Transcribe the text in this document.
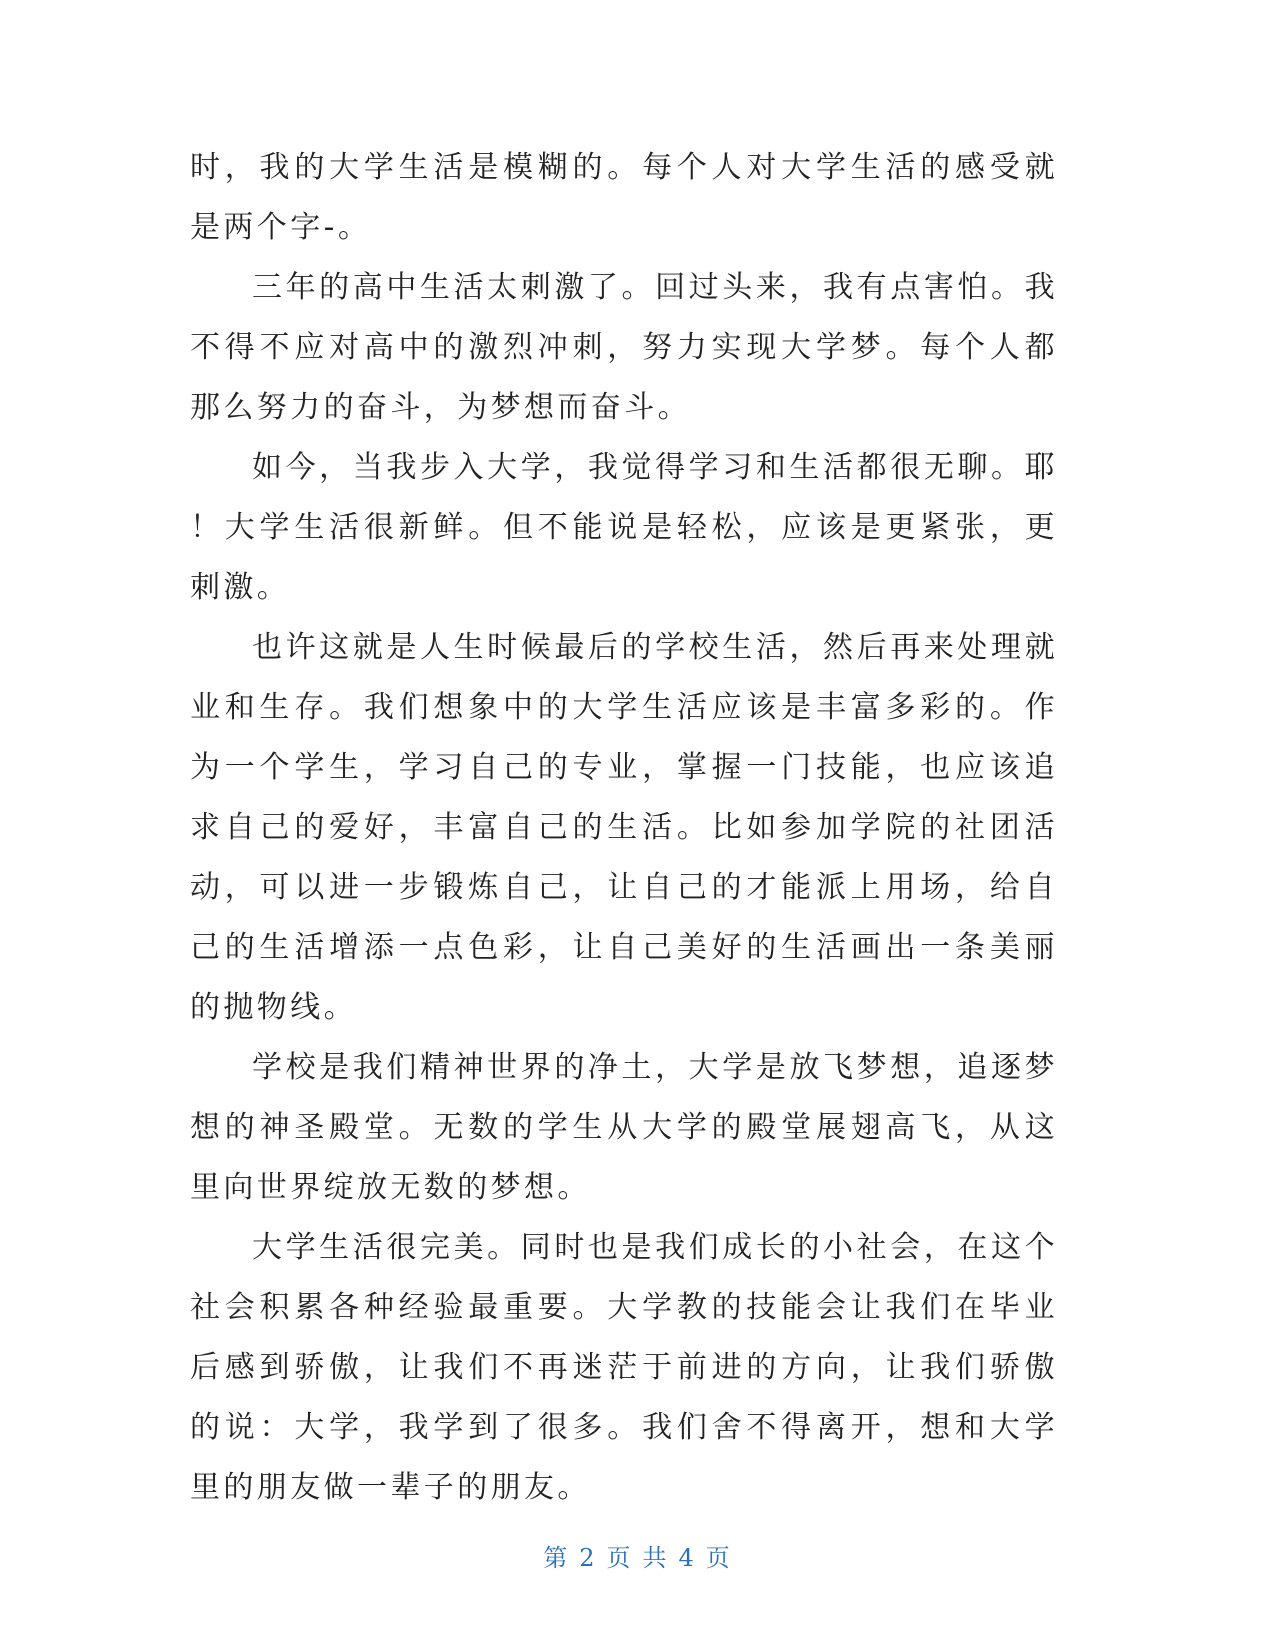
时，我的大学生活是模糊的。每个人对大学生活的感受就是两个字-。

三年的高中生活太刺激了。回过头来，我有点害怕。我不得不应对高中的激烈冲刺，努力实现大学梦。每个人都那么努力的奋斗，为梦想而奋斗。

如今，当我步入大学，我觉得学习和生活都很无聊。耶！大学生活很新鲜。但不能说是轻松，应该是更紧张，更刺激。

也许这就是人生时候最后的学校生活，然后再来处理就业和生存。我们想象中的大学生活应该是丰富多彩的。作为一个学生，学习自己的专业，掌握一门技能，也应该追求自己的爱好，丰富自己的生活。比如参加学院的社团活动，可以进一步锻炼自己，让自己的才能派上用场，给自己的生活增添一点色彩，让自己美好的生活画出一条美丽的抛物线。

学校是我们精神世界的净土，大学是放飞梦想，追逐梦想的神圣殿堂。无数的学生从大学的殿堂展翅高飞，从这里向世界绽放无数的梦想。

大学生活很完美。同时也是我们成长的小社会，在这个社会积累各种经验最重要。大学教的技能会让我们在毕业后感到骄傲，让我们不再迷茫于前进的方向，让我们骄傲的说：大学，我学到了很多。我们舍不得离开，想和大学里的朋友做一辈子的朋友。

第 2 页 共 4 页
